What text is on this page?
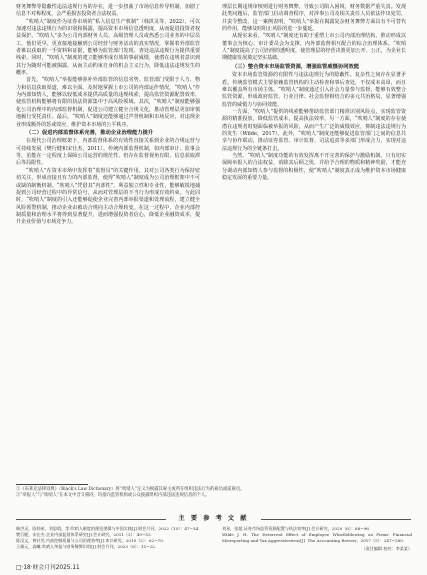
财务舞弊等隐蔽性违法违规行为的存在，进一步扭曲了市场信息传导机制，加剧了信息不对称程度，会严重损害投资者合法权益。

“吹哨人”制度作为证券市场的“私人信息生产机制”（韩洪灵等，2022），可以加速对违法违规行为的识别和揭露，提高资本市场信息透明度，从而促进投资者权益保护。“吹哨人”多为公司内部财务人员、高级管理人员或热悉公司业务的中层员工，他们更早、更直接地接触到公司经营与财务活动的真实情况，掌握着外部监管者难以获取的一手资料和证据，能够为监管部门发现、查处违法违规行为提供重要线索。同时，“吹哨人”制度的建立能够形成有效的事前威慑，使潜在违规者意识到其行为随时可能被揭露，从而主动约束自身的机会主义行为，降低违法违规发生的概率。

首先，“吹哨人”举报能够弥补外部监管的信息劣势。监管部门受限于人力、物力和信息获取渠道，难以全面、及时地掌握上市公司的内部运作情况。“吹哨人”作为内部知情人，能够以较低成本提供高质量的违规线索，提高监管资源配置效率，使监管机构能够将有限的执法资源集中于高风险领域。其次，“吹哨人”制度能够强化公司治理中的内部监督机制，促进公司建立健全合规文化，推动管理层更加审慎地履行受托责任。最后，“吹哨人”制度还能够通过声誉机制和市场反应，对违规企业形成额外的惩戒效应，维护资本市场的公平秩序。

（二）促进内部监督体系完善，推动企业治理能力提升

在现代公司治理框架下，内部监督体系的有效性直接关系到企业的合规运营与可持续发展（樊行健和宋仕杰，2011）。传统内部监督机制，如内部审计、监事会等，虽能在一定程度上保障公司运营的规范性，但存在监督视角有限、信息获取滞后等局限性。

“吹哨人”在资本市场中发挥着“监督员”的关键作用，其对公司各类行为保持密切关注，形成直接且有力的内部监督，使得“吹哨人”制度成为公司治理框架中不可或缺的制衡机制。“吹哨人”凭借其“内部性”、利益独立性和专业性，能够敏锐地捕捉到公司经营过程中的异常信号，从而对管理层的不当行为形成有效约束。与此同时，“吹哨人”制度的引入还能够促使企业完善内部举报渠道和处理流程，建立健全风险预警机制，推动企业由被动合规向主动合规转变。在这一过程中，企业内部控制质量和治理水平将得到显著提升，进而增强投资者信心，降低企业融资成本，提升企业价值与市场竞争力。

理层长期违规审核则进行财务舞弊，导致公司陷入困境，财务数据严重失真。发现此类问题后，监管部门启动调查程序，对涉事公司及相关责任人员依法作出处罚，并责令整改。这一案例表明，“吹哨人”举报在揭露复杂财务舞弊方面具有不可替代的作用，能够及时阻止风险的进一步蔓延。

从现实来看，“吹哨人”制度还有助于重塑上市公司内部治理结构，推动形成以董事会为核心、审计委员会为支撑、内外部监督相互配合的综合治理体系。“吹哨人”制度提高了公司治理的透明度，使管理层的经营决策更加公开、公正，为企业长期健康发展奠定坚实基础。

（三）整合资本市场监管资源，增强监管威慑协同效能

资本市场监管资源的有限性与违法违规行为的隐蔽性、复杂性之间存在显著矛盾。传统监管模式主要依赖监管机构的主动检查和事后查处，不仅成本高昂，而且难以覆盖所有市场主体。“吹哨人”制度通过引入社会力量参与监督，能够有效整合监管资源，形成政府监管、行业自律、社会监督相结合的多元共治格局，显著增强监管的威慑力与协同效能。

一方面，“吹哨人”提供的线索能够帮助监管部门精准识别风险点，实现监管资源的精准投放，降低监管成本，提高执法效率。另一方面，“吹哨人”制度的存在使潜在违规者时刻面临被举报的风险，从而产生广泛的威慑效应，抑制违法违规行为的发生（Wilde，2017）。此外，“吹哨人”制度还能够促进监管部门之间的信息共享与协作联动，推动证券监管、审计监督、司法追责等多部门形成合力，实现对违法违规行为的全链条打击。

当然，“吹哨人”制度功能的有效发挥离不开完善的保护与激励机制。只有切实保障举报人的合法权益，消除其后顾之忧，并给予合理的物质和精神奖励，才能充分调动内部知情人参与监督的积极性，使“吹哨人”制度真正成为维护资本市场健康稳定发展的重要力量。

①《布莱克法律词典》（Black's Law Dictionary）将“吹哨人”定义为揭露其雇主或所在组织违法行为的雇员或前雇员。
②“举报人”与“吹哨人”在本文中含义相同，均指向监管机构或公众披露组织内部违法违规信息的个人。
主 要 参 考 文 献

韩洪灵，陈帅弟，刘思琪，等.吹哨人制度的理论逻辑与中国实践[J].财会月刊，2022（15）：47~54.

樊行健，宋仕杰.企业内部监督体系研究[J].会计研究，2011（3）：49~53.

陈汉文，黄轩昊.内部控制质量与公司治理效率[J].审计研究，2019（2）：62~70.

王雄元，高曦.吹哨人举报与财务舞弊识别[J].财会月刊，2023（8）：15~22.

刘星，张超.证券市场监管资源配置与执法效率[J].会计研究，2020（6）：88~96.

Wilde J. H. The Deterrent Effect of Employee Whistleblowing on Firms' Financial Misreporting and Tax Aggressiveness[J]. The Accounting Review，2017（5）：247~280.

（责任编辑·校对：李某某）

□·18·财会月刊2025.11
